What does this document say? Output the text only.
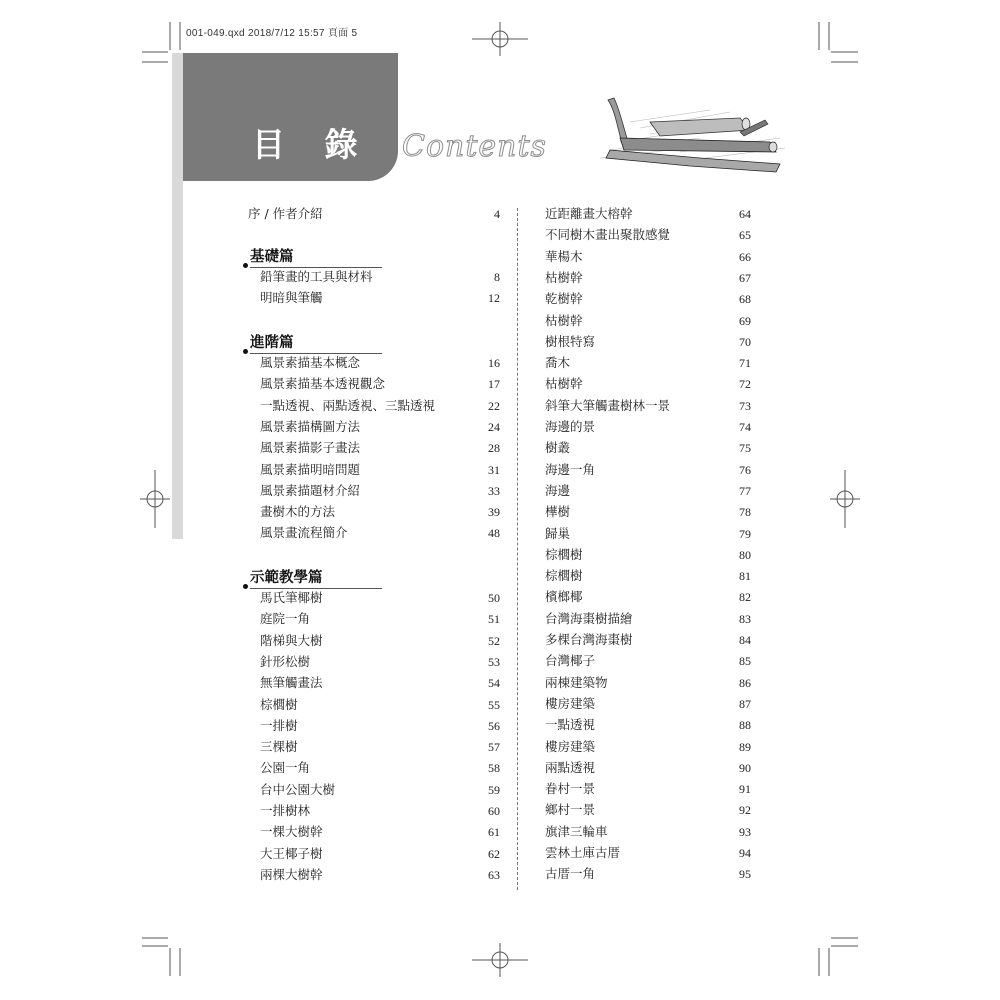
001-049.qxd 2018/7/12 15:57 頁面 5
目 錄 Contents
序 / 作者介紹	4
基礎篇
鉛筆畫的工具與材料	8
明暗與筆觸	12
進階篇
風景素描基本概念	16
風景素描基本透視觀念	17
一點透視、兩點透視、三點透視	22
風景素描構圖方法	24
風景素描影子畫法	28
風景素描明暗問題	31
風景素描題材介紹	33
畫樹木的方法	39
風景畫流程簡介	48
示範教學篇
馬氏筆椰樹	50
庭院一角	51
階梯與大樹	52
針形松樹	53
無筆觸畫法	54
棕櫚樹	55
一排樹	56
三棵樹	57
公園一角	58
台中公園大樹	59
一排樹林	60
一棵大樹幹	61
大王椰子樹	62
兩棵大樹幹	63
近距離畫大榕幹	64
不同樹木畫出聚散感覺	65
華楊木	66
枯樹幹	67
乾樹幹	68
枯樹幹	69
樹根特寫	70
喬木	71
枯樹幹	72
斜筆大筆觸畫樹林一景	73
海邊的景	74
樹叢	75
海邊一角	76
海邊	77
樺樹	78
歸巢	79
棕櫚樹	80
棕櫚樹	81
檳榔椰	82
台灣海棗樹描繪	83
多棵台灣海棗樹	84
台灣椰子	85
兩棟建築物	86
樓房建築	87
一點透視	88
樓房建築	89
兩點透視	90
眷村一景	91
鄉村一景	92
旗津三輪車	93
雲林土庫古厝	94
古厝一角	95
